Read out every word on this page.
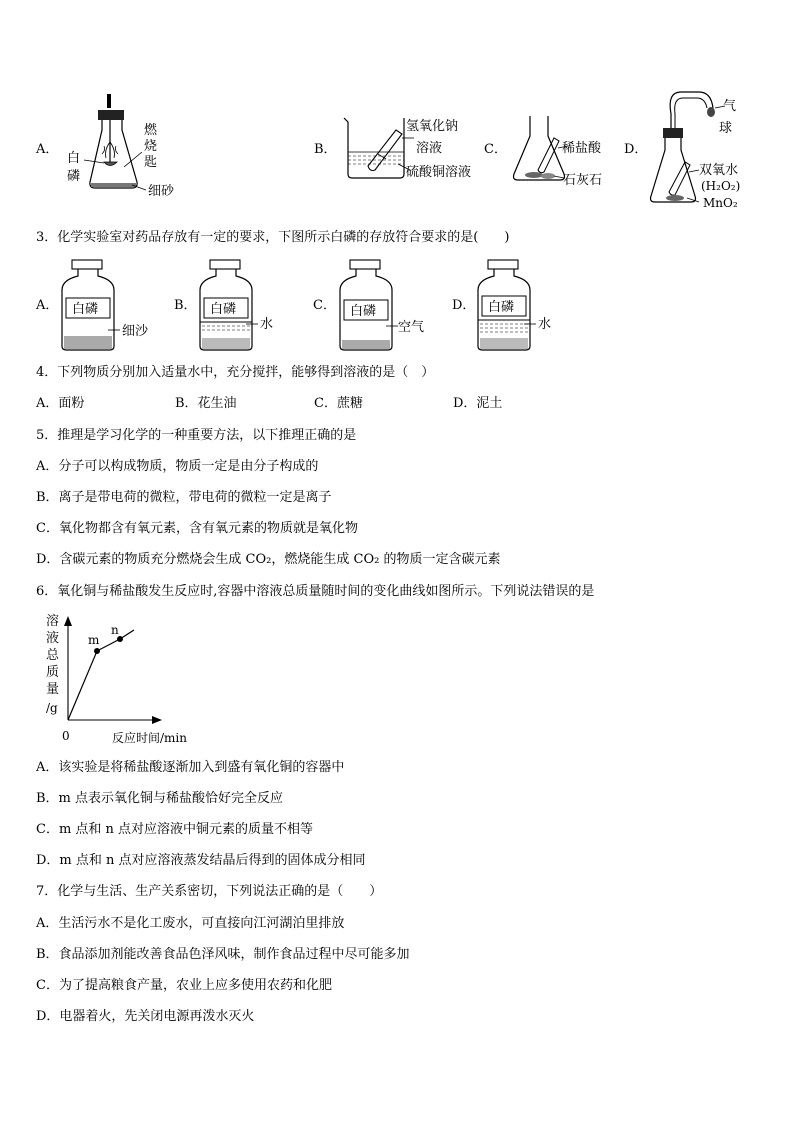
A．
白
磷
燃
烧
匙
细砂
B．
氢氧化钠
溶液
硫酸铜溶液
C．	稀盐酸
石灰石
D．
气
球
双氧水
(H₂O₂)
MnO₂
3．化学实验室对药品存放有一定的要求，下图所示白磷的存放符合要求的是(　　)
A． 白磷
细沙
B． 白磷
水
C． 白磷
空气
D． 白磷
水
4．下列物质分别加入适量水中，充分搅拌，能够得到溶液的是（　）
A．面粉	B．花生油	C．蔗糖	D．泥土
5．推理是学习化学的一种重要方法，以下推理正确的是
A．分子可以构成物质，物质一定是由分子构成的
B．离子是带电荷的微粒，带电荷的微粒一定是离子
C．氧化物都含有氧元素，含有氧元素的物质就是氧化物
D．含碳元素的物质充分燃烧会生成 CO₂，燃烧能生成 CO₂ 的物质一定含碳元素
6．氧化铜与稀盐酸发生反应时,容器中溶液总质量随时间的变化曲线如图所示。下列说法错误的是
溶
液
总
质
量
/g
m
n
0	反应时间/min
A．该实验是将稀盐酸逐渐加入到盛有氧化铜的容器中
B．m 点表示氧化铜与稀盐酸恰好完全反应
C．m 点和 n 点对应溶液中铜元素的质量不相等
D．m 点和 n 点对应溶液蒸发结晶后得到的固体成分相同
7．化学与生活、生产关系密切，下列说法正确的是（　　）
A．生活污水不是化工废水，可直接向江河湖泊里排放
B．食品添加剂能改善食品色泽风味，制作食品过程中尽可能多加
C．为了提高粮食产量，农业上应多使用农药和化肥
D．电器着火，先关闭电源再泼水灭火
